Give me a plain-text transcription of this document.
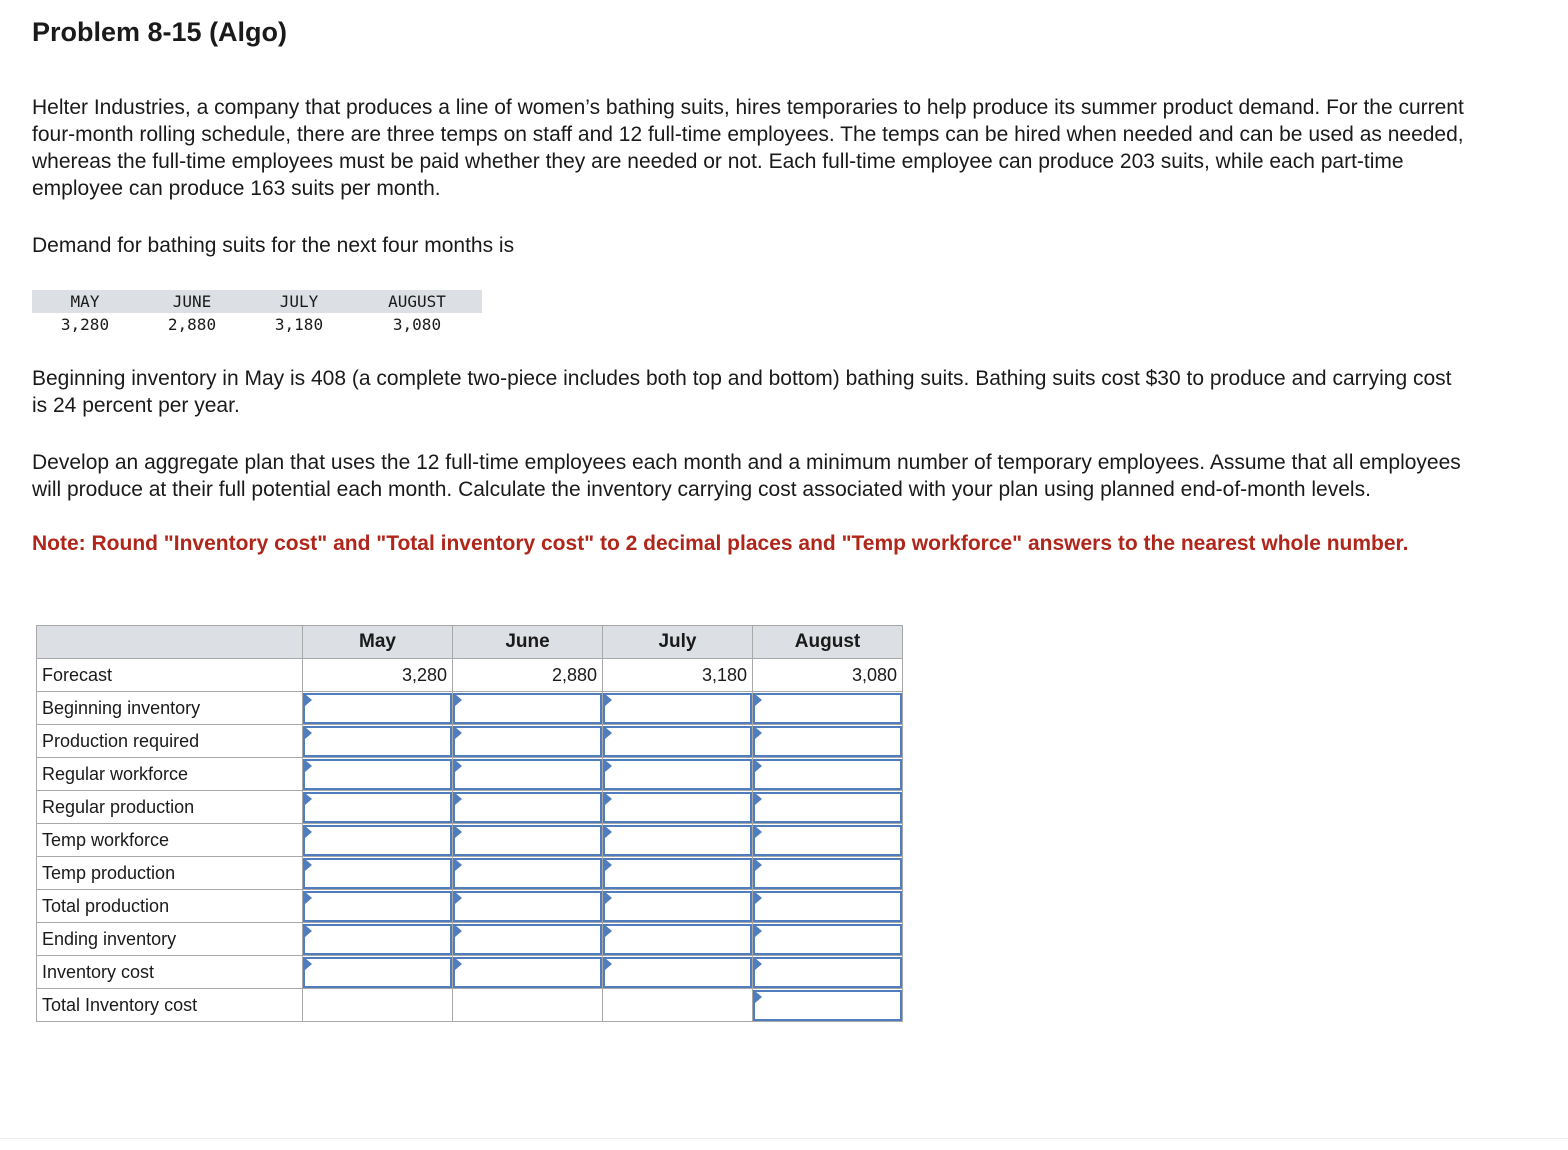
Problem 8-15 (Algo)

Helter Industries, a company that produces a line of women’s bathing suits, hires temporaries to help produce its summer product demand. For the current four-month rolling schedule, there are three temps on staff and 12 full-time employees. The temps can be hired when needed and can be used as needed, whereas the full-time employees must be paid whether they are needed or not. Each full-time employee can produce 203 suits, while each part-time employee can produce 163 suits per month.

Demand for bathing suits for the next four months is

MAY	JUNE	JULY	AUGUST
3,280	2,880	3,180	3,080

Beginning inventory in May is 408 (a complete two-piece includes both top and bottom) bathing suits. Bathing suits cost $30 to produce and carrying cost is 24 percent per year.

Develop an aggregate plan that uses the 12 full-time employees each month and a minimum number of temporary employees. Assume that all employees will produce at their full potential each month. Calculate the inventory carrying cost associated with your plan using planned end-of-month levels.

Note: Round "Inventory cost" and "Total inventory cost" to 2 decimal places and "Temp workforce" answers to the nearest whole number.

	May	June	July	August
Forecast	3,280	2,880	3,180	3,080
Beginning inventory	

Production required	

Regular workforce	

Regular production	

Temp workforce	

Temp production	

Total production	

Ending inventory	

Inventory cost	

Total Inventory cost				
